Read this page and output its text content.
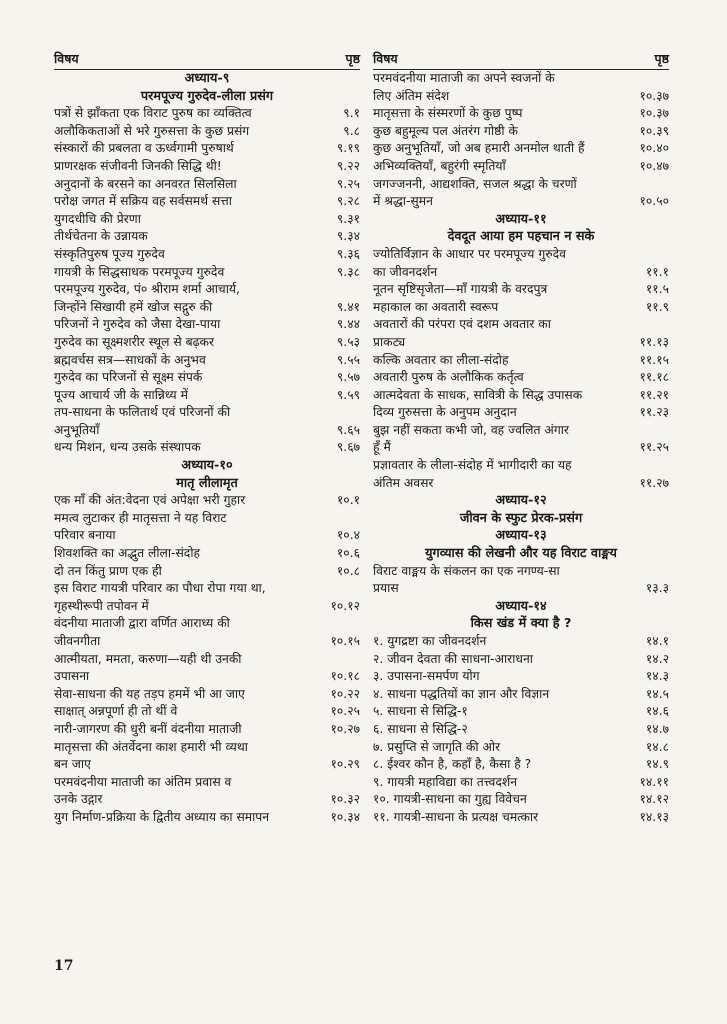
विषय	पृष्ठ
अध्याय-९
परमपूज्य गुरुदेव-लीला प्रसंग
पत्रों से झाँकता एक विराट पुरुष का व्यक्तित्व	९.१
अलौकिकताओं से भरे गुरुसत्ता के कुछ प्रसंग	९.८
संस्कारों की प्रबलता व ऊर्ध्वगामी पुरुषार्थ	९.१९
प्राणरक्षक संजीवनी जिनकी सिद्धि थी!	९.२२
अनुदानों के बरसने का अनवरत सिलसिला	९.२५
परोक्ष जगत में सक्रिय वह सर्वसमर्थ सत्ता	९.२८
युगदधीचि की प्रेरणा	९.३१
तीर्थचेतना के उन्नायक	९.३४
संस्कृतिपुरुष पूज्य गुरुदेव	९.३६
गायत्री के सिद्धसाधक परमपूज्य गुरुदेव	९.३८
परमपूज्य गुरुदेव, पं० श्रीराम शर्मा आचार्य,
जिन्होंने सिखायी हमें खोज सद्गुरु की	९.४१
परिजनों ने गुरुदेव को जैसा देखा-पाया	९.४४
गुरुदेव का सूक्ष्मशरीर स्थूल से बढ़कर	९.५३
ब्रह्मवर्चस सत्र—साधकों के अनुभव	९.५५
गुरुदेव का परिजनों से सूक्ष्म संपर्क	९.५७
पूज्य आचार्य जी के सान्निध्य में	९.५९
तप-साधना के फलितार्थ एवं परिजनों की
अनुभूतियाँ	९.६५
धन्य मिशन, धन्य उसके संस्थापक	९.६७
अध्याय-१०
मातृ लीलामृत
एक माँ की अंत:वेदना एवं अपेक्षा भरी गुहार	१०.१
ममत्व लुटाकर ही मातृसत्ता ने यह विराट
परिवार बनाया	१०.४
शिवशक्ति का अद्भुत लीला-संदोह	१०.६
दो तन किंतु प्राण एक ही	१०.८
इस विराट गायत्री परिवार का पौधा रोपा गया था,
गृहस्थीरूपी तपोवन में	१०.१२
वंदनीया माताजी द्वारा वर्णित आराध्य की
जीवनगीता	१०.१५
आत्मीयता, ममता, करुणा—यही थी उनकी
उपासना	१०.१८
सेवा-साधना की यह तड़प हममें भी आ जाए	१०.२२
साक्षात् अन्नपूर्णा ही तो थीं वे	१०.२५
नारी-जागरण की धुरी बनीं वंदनीया माताजी	१०.२७
मातृसत्ता की अंतर्वेदना काश हमारी भी व्यथा
बन जाए	१०.२९
परमवंदनीया माताजी का अंतिम प्रवास व
उनके उद्गार	१०.३२
युग निर्माण-प्रक्रिया के द्वितीय अध्याय का समापन	१०.३४
विषय	पृष्ठ
परमवंदनीया माताजी का अपने स्वजनों के
लिए अंतिम संदेश	१०.३७
मातृसत्ता के संस्मरणों के कुछ पुष्प	१०.३७
कुछ बहुमूल्य पल अंतरंग गोष्ठी के	१०.३९
कुछ अनुभूतियाँ, जो अब हमारी अनमोल थाती हैं	१०.४०
अभिव्यक्तियाँ, बहुरंगी स्मृतियाँ	१०.४७
जगज्जननी, आद्यशक्ति, सजल श्रद्धा के चरणों
में श्रद्धा-सुमन	१०.५०
अध्याय-११
देवदूत आया हम पहचान न सके
ज्योतिर्विज्ञान के आधार पर परमपूज्य गुरुदेव
का जीवनदर्शन	११.१
नूतन सृष्टिसृजेता—माँ गायत्री के वरदपुत्र	११.५
महाकाल का अवतारी स्वरूप	११.९
अवतारों की परंपरा एवं दशम अवतार का
प्राकट्य	११.१३
कल्कि अवतार का लीला-संदोह	११.१५
अवतारी पुरुष के अलौकिक कर्तृत्व	११.१८
आत्मदेवता के साधक, सावित्री के सिद्ध उपासक	११.२१
दिव्य गुरुसत्ता के अनुपम अनुदान	११.२३
बुझ नहीं सकता कभी जो, वह ज्वलित अंगार
हूँ मैं	११.२५
प्रज्ञावतार के लीला-संदोह में भागीदारी का यह
अंतिम अवसर	११.२७
अध्याय-१२
जीवन के स्फुट प्रेरक-प्रसंग
अध्याय-१३
युगव्यास की लेखनी और यह विराट वाङ्मय
विराट वाङ्मय के संकलन का एक नगण्य-सा
प्रयास	१३.३
अध्याय-१४
किस खंड में क्या है ?
१. युगद्रष्टा का जीवनदर्शन	१४.१
२. जीवन देवता की साधना-आराधना	१४.२
३. उपासना-समर्पण योग	१४.३
४. साधना पद्धतियों का ज्ञान और विज्ञान	१४.५
५. साधना से सिद्धि-१	१४.६
६. साधना से सिद्धि-२	१४.७
७. प्रसुप्ति से जागृति की ओर	१४.८
८. ईश्वर कौन है, कहाँ है, कैसा है ?	१४.९
९. गायत्री महाविद्या का तत्त्वदर्शन	१४.११
१०. गायत्री-साधना का गुह्य विवेचन	१४.१२
११. गायत्री-साधना के प्रत्यक्ष चमत्कार	१४.१३
17
